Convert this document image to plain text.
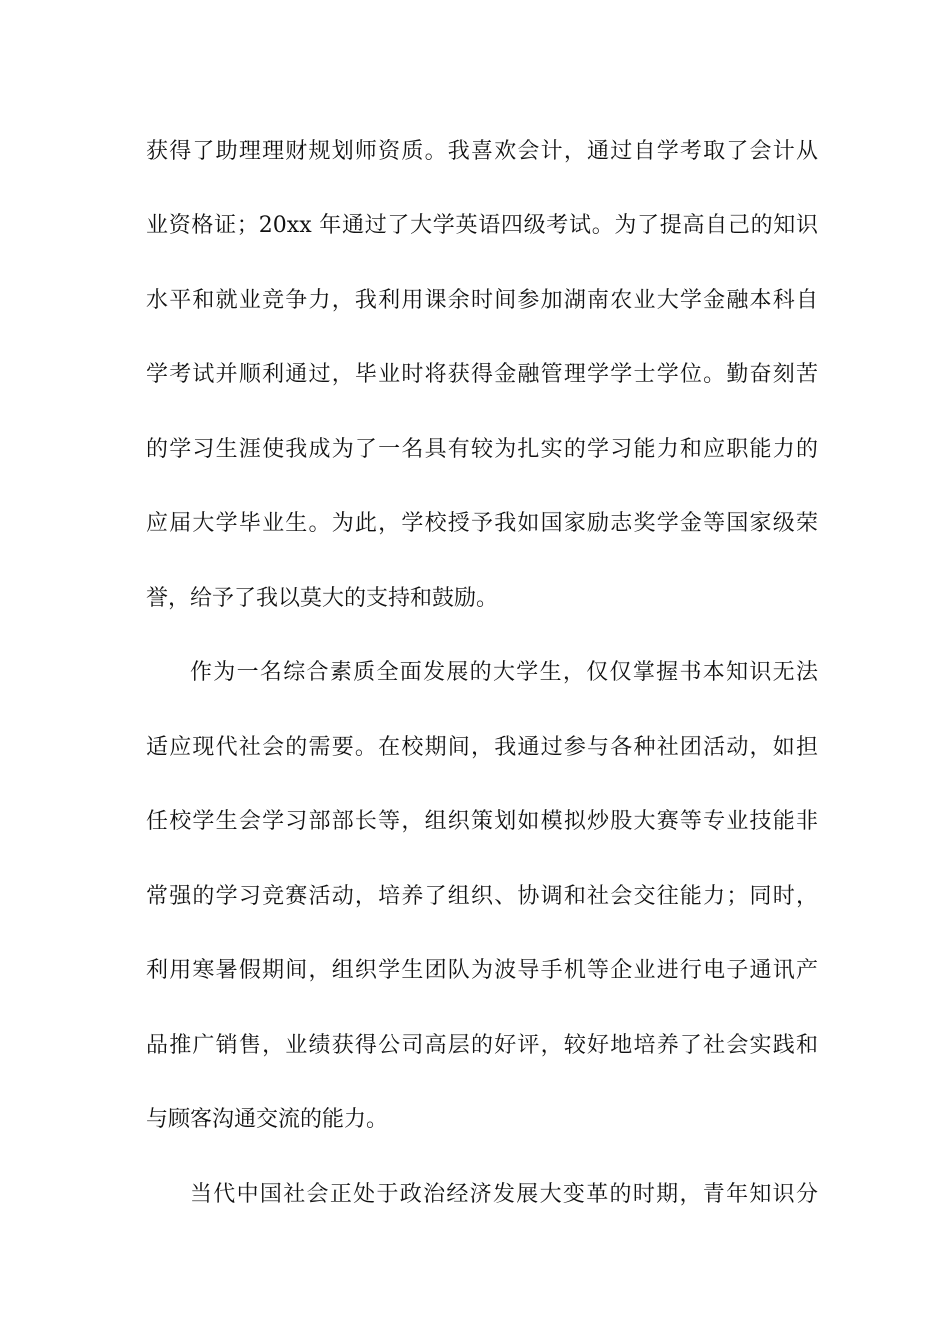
获得了助理理财规划师资质。我喜欢会计，通过自学考取了会计从
业资格证；20xx 年通过了大学英语四级考试。为了提高自己的知识
水平和就业竞争力，我利用课余时间参加湖南农业大学金融本科自
学考试并顺利通过，毕业时将获得金融管理学学士学位。勤奋刻苦
的学习生涯使我成为了一名具有较为扎实的学习能力和应职能力的
应届大学毕业生。为此，学校授予我如国家励志奖学金等国家级荣
誉，给予了我以莫大的支持和鼓励。
作为一名综合素质全面发展的大学生，仅仅掌握书本知识无法
适应现代社会的需要。在校期间，我通过参与各种社团活动，如担
任校学生会学习部部长等，组织策划如模拟炒股大赛等专业技能非
常强的学习竞赛活动，培养了组织、协调和社会交往能力；同时，
利用寒暑假期间，组织学生团队为波导手机等企业进行电子通讯产
品推广销售，业绩获得公司高层的好评，较好地培养了社会实践和
与顾客沟通交流的能力。
当代中国社会正处于政治经济发展大变革的时期，青年知识分
